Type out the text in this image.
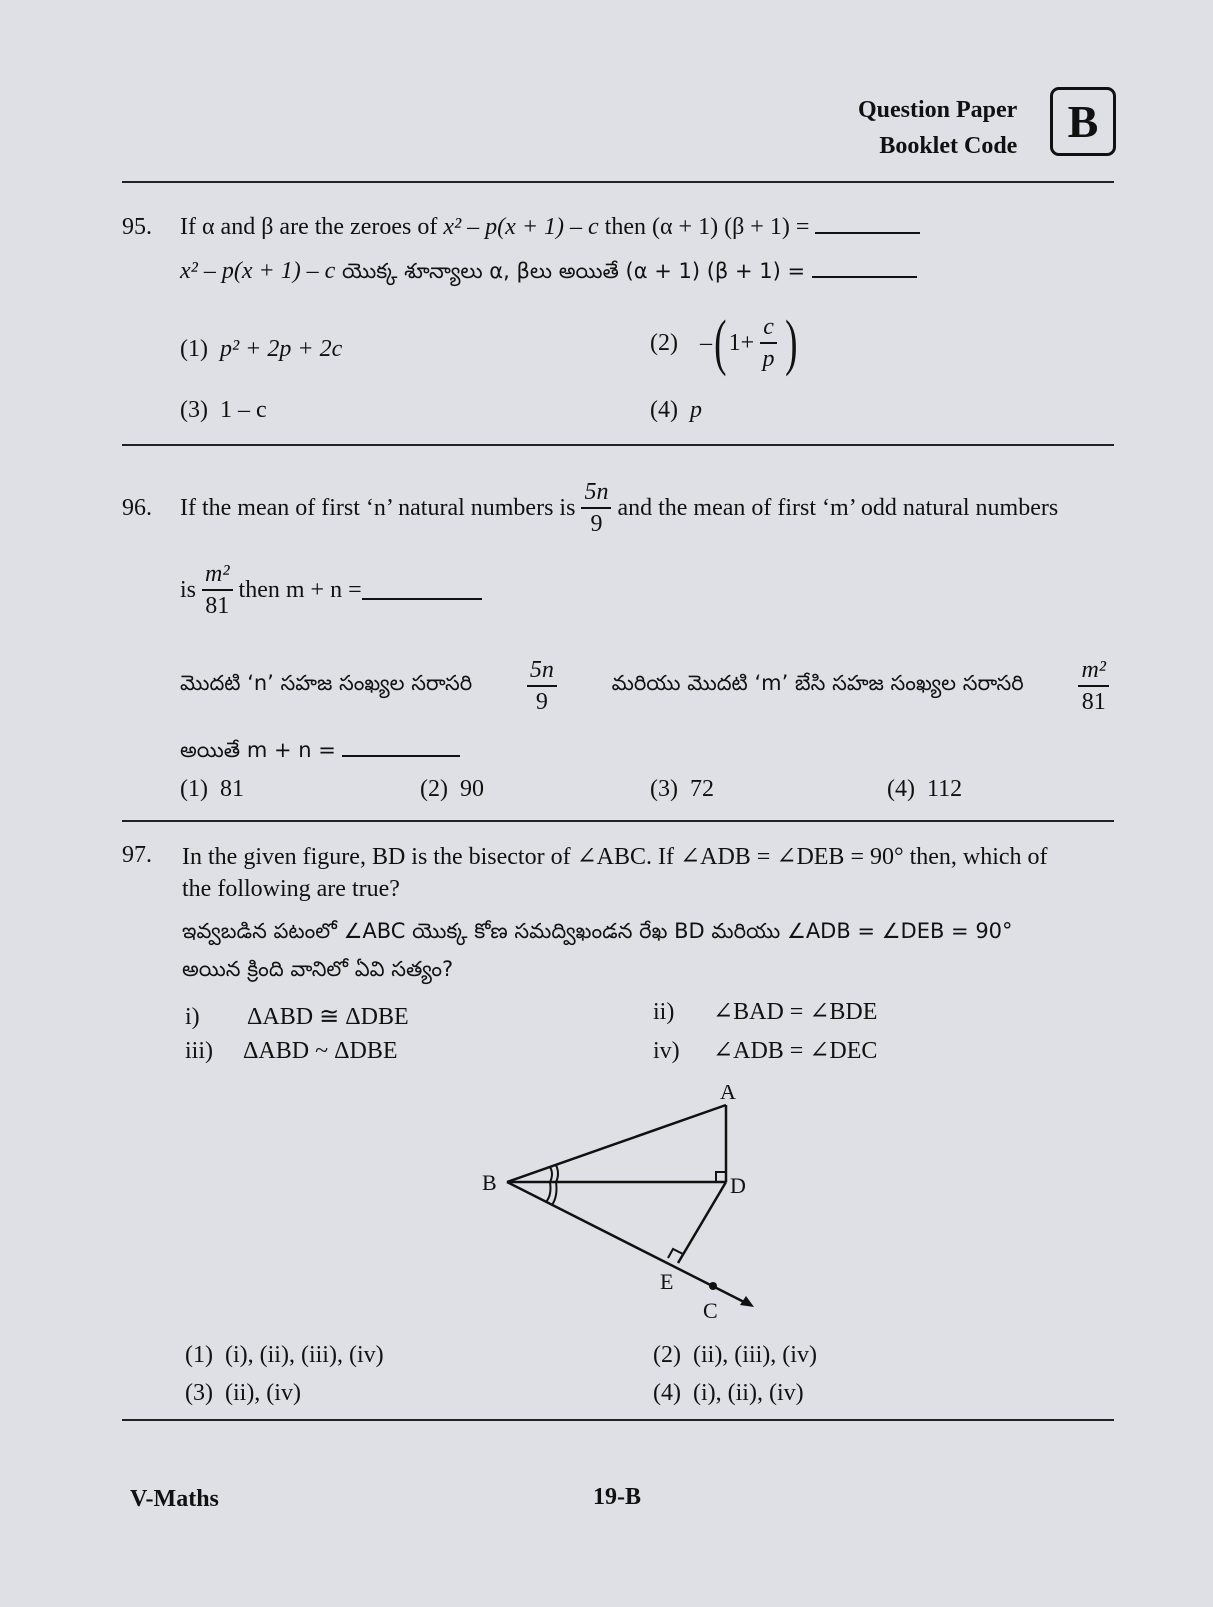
Question Paper
Booklet Code	B
95. If α and β are the zeroes of x² – p(x + 1) – c then (α + 1) (β + 1) =
x² – p(x + 1) – c యొక్క శూన్యాలు α, βలు అయితే (α + 1) (β + 1) =
(1) p² + 2p + 2c	(2) – ( $1+ \frac{c}{p}$ )
(3) 1 – c	(4) p
96.	If the mean of first ‘n’ natural numbers is $\frac{5n}{9}$ and the mean of first ‘m’ odd natural numbers
is $\frac{\text{m²}}{81}$ then m + n =
మొదటి ‘n’ సహజ సంఖ్యల సరాసరి $\frac{5n}{9}$	మరియు మొదటి ‘m’ బేసి సహజ సంఖ్యల సరాసరి $\frac{\text{m²}}{81}$
అయితే m + n =
(1) 81	(2) 90	(3) 72	(4) 112
97. In the given figure, BD is the bisector of ∠ABC. If ∠ADB = ∠DEB = 90° then, which of
the following are true?
ఇవ్వబడిన పటంలో ∠ABC యొక్క కోణ సమద్విఖండన రేఖ BD మరియు ∠ADB = ∠DEB = 90°
అయిన క్రింది వానిలో ఏవి సత్యం?
i) ΔABD ≅ ΔDBE	ii) ∠BAD = ∠BDE
iii) ΔABD ~ ΔDBE	iv) ∠ADB = ∠DEC
A
B	D
E
C
(1) (i), (ii), (iii), (iv)	(2) (ii), (iii), (iv)
(3) (ii), (iv)	(4) (i), (ii), (iv)
V-Maths	19-B
